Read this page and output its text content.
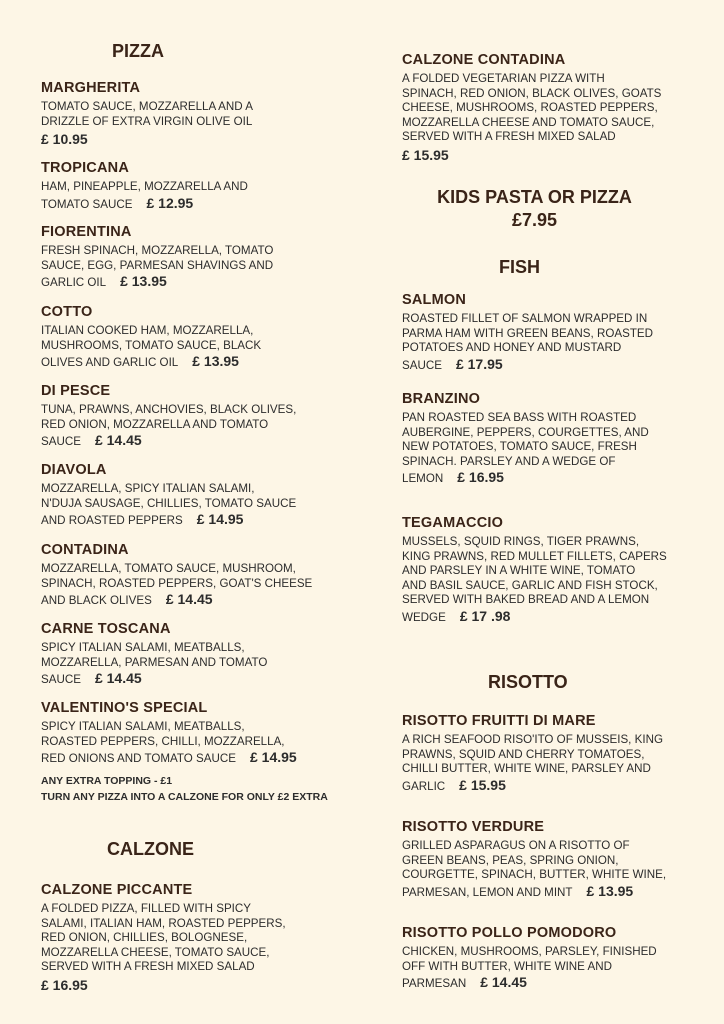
PIZZA
MARGHERITA
TOMATO SAUCE, MOZZARELLA AND A
DRIZZLE OF EXTRA VIRGIN OLIVE OIL
£ 10.95
TROPICANA
HAM, PINEAPPLE, MOZZARELLA AND
TOMATO SAUCE £ 12.95
FIORENTINA
FRESH SPINACH, MOZZARELLA, TOMATO
SAUCE, EGG, PARMESAN SHAVINGS AND
GARLIC OIL £ 13.95
COTTO
ITALIAN COOKED HAM, MOZZARELLA,
MUSHROOMS, TOMATO SAUCE, BLACK
OLIVES AND GARLIC OIL £ 13.95
DI PESCE
TUNA, PRAWNS, ANCHOVIES, BLACK OLIVES,
RED ONION, MOZZARELLA AND TOMATO
SAUCE £ 14.45
DIAVOLA
MOZZARELLA, SPICY ITALIAN SALAMI,
N'DUJA SAUSAGE, CHILLIES, TOMATO SAUCE
AND ROASTED PEPPERS £ 14.95
CONTADINA
MOZZARELLA, TOMATO SAUCE, MUSHROOM,
SPINACH, ROASTED PEPPERS, GOAT'S CHEESE
AND BLACK OLIVES £ 14.45
CARNE TOSCANA
SPICY ITALIAN SALAMI, MEATBALLS,
MOZZARELLA, PARMESAN AND TOMATO
SAUCE £ 14.45
VALENTINO'S SPECIAL
SPICY ITALIAN SALAMI, MEATBALLS,
ROASTED PEPPERS, CHILLI, MOZZARELLA,
RED ONIONS AND TOMATO SAUCE £ 14.95
ANY EXTRA TOPPING - £1
TURN ANY PIZZA INTO A CALZONE FOR ONLY £2 EXTRA
CALZONE
CALZONE PICCANTE
A FOLDED PIZZA, FILLED WITH SPICY
SALAMI, ITALIAN HAM, ROASTED PEPPERS,
RED ONION, CHILLIES, BOLOGNESE,
MOZZARELLA CHEESE, TOMATO SAUCE,
SERVED WITH A FRESH MIXED SALAD
£ 16.95
CALZONE CONTADINA
A FOLDED VEGETARIAN PIZZA WITH
SPINACH, RED ONION, BLACK OLIVES, GOATS
CHEESE, MUSHROOMS, ROASTED PEPPERS,
MOZZARELLA CHEESE AND TOMATO SAUCE,
SERVED WITH A FRESH MIXED SALAD
£ 15.95
KIDS PASTA OR PIZZA
£7.95
FISH
SALMON
ROASTED FILLET OF SALMON WRAPPED IN
PARMA HAM WITH GREEN BEANS, ROASTED
POTATOES AND HONEY AND MUSTARD
SAUCE £ 17.95
BRANZINO
PAN ROASTED SEA BASS WITH ROASTED
AUBERGINE, PEPPERS, COURGETTES, AND
NEW POTATOES, TOMATO SAUCE, FRESH
SPINACH. PARSLEY AND A WEDGE OF
LEMON £ 16.95
TEGAMACCIO
MUSSELS, SQUID RINGS, TIGER PRAWNS,
KING PRAWNS, RED MULLET FILLETS, CAPERS
AND PARSLEY IN A WHITE WINE, TOMATO
AND BASIL SAUCE, GARLIC AND FISH STOCK,
SERVED WITH BAKED BREAD AND A LEMON
WEDGE £ 17 .98
RISOTTO
RISOTTO FRUITTI DI MARE
A RICH SEAFOOD RISO'ITO OF MUSSEIS, KING
PRAWNS, SQUID AND CHERRY TOMATOES,
CHILLI BUTTER, WHITE WINE, PARSLEY AND
GARLIC £ 15.95
RISOTTO VERDURE
GRILLED ASPARAGUS ON A RISOTTO OF
GREEN BEANS, PEAS, SPRING ONION,
COURGETTE, SPINACH, BUTTER, WHITE WINE,
PARMESAN, LEMON AND MINT £ 13.95
RISOTTO POLLO POMODORO
CHICKEN, MUSHROOMS, PARSLEY, FINISHED
OFF WITH BUTTER, WHITE WINE AND
PARMESAN £ 14.45
